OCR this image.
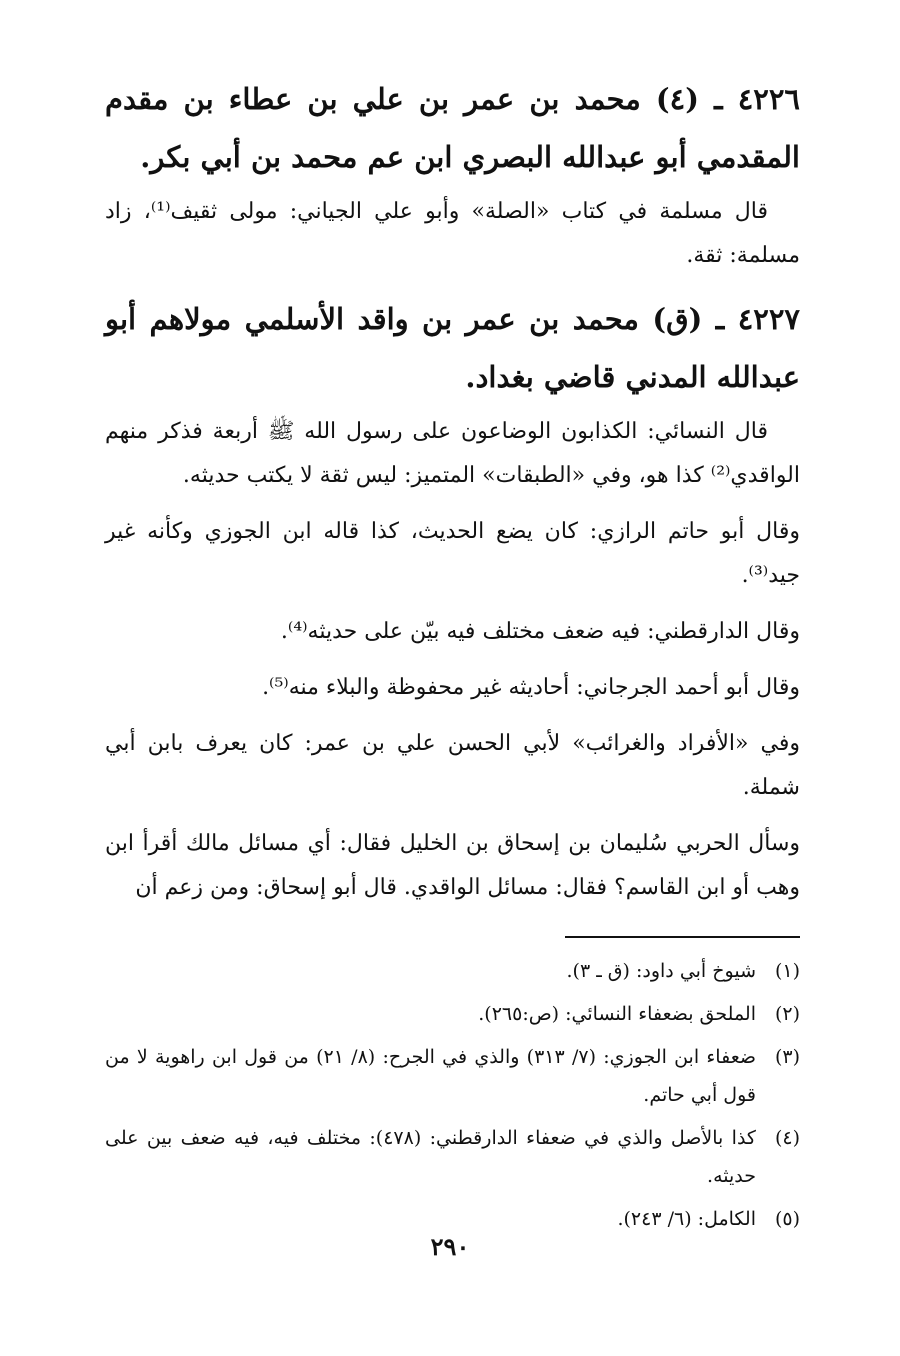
٤٢٢٦ ـ (٤) محمد بن عمر بن علي بن عطاء بن مقدم المقدمي أبو عبدالله البصري ابن عم محمد بن أبي بكر.

قال مسلمة في كتاب «الصلة» وأبو علي الجياني: مولى ثقيف⁽¹⁾، زاد مسلمة: ثقة.

٤٢٢٧ ـ (ق) محمد بن عمر بن واقد الأسلمي مولاهم أبو عبدالله المدني قاضي بغداد.

قال النسائي: الكذابون الوضاعون على رسول الله ﷺ أربعة فذكر منهم الواقدي⁽²⁾ كذا هو، وفي «الطبقات» المتميز: ليس ثقة لا يكتب حديثه.

وقال أبو حاتم الرازي: كان يضع الحديث، كذا قاله ابن الجوزي وكأنه غير جيد⁽³⁾.

وقال الدارقطني: فيه ضعف مختلف فيه بيّن على حديثه⁽⁴⁾.

وقال أبو أحمد الجرجاني: أحاديثه غير محفوظة والبلاء منه⁽⁵⁾.

وفي «الأفراد والغرائب» لأبي الحسن علي بن عمر: كان يعرف بابن أبي شملة.

وسأل الحربي سُليمان بن إسحاق بن الخليل فقال: أي مسائل مالك أقرأ ابن وهب أو ابن القاسم؟ فقال: مسائل الواقدي. قال أبو إسحاق: ومن زعم أن

(١)
شيوخ أبي داود: (ق ـ ٣).

(٢)
الملحق بضعفاء النسائي: (ص:٢٦٥).

(٣)
ضعفاء ابن الجوزي: (٧/ ٣١٣) والذي في الجرح: (٨/ ٢١) من قول ابن راهوية لا من قول أبي حاتم.

(٤)
كذا بالأصل والذي في ضعفاء الدارقطني: (٤٧٨): مختلف فيه، فيه ضعف بين على حديثه.

(٥)
الكامل: (٦/ ٢٤٣).

٢٩٠
